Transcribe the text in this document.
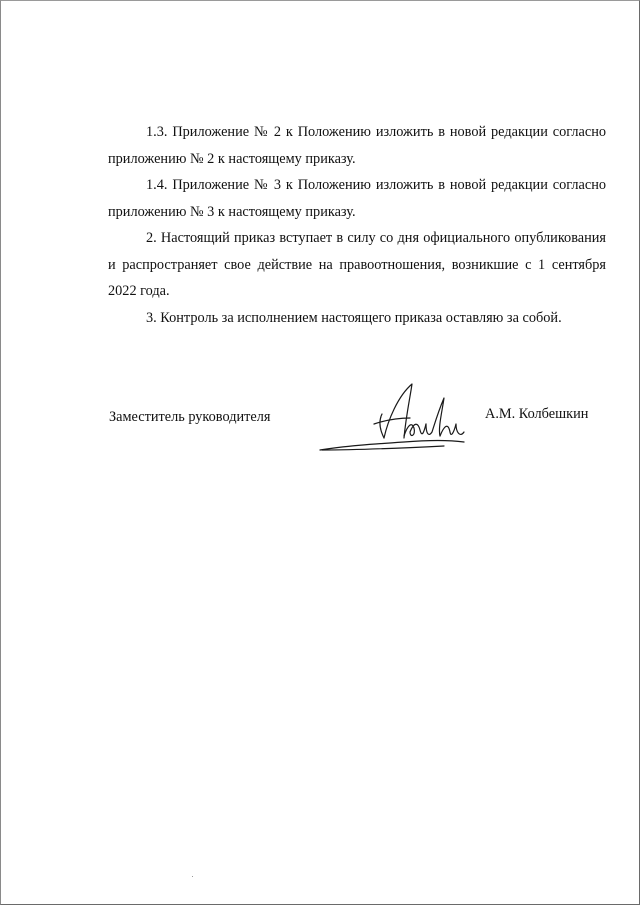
1.3. Приложение № 2 к Положению изложить в новой редакции согласно приложению № 2 к настоящему приказу.

1.4. Приложение № 3 к Положению изложить в новой редакции согласно приложению № 3 к настоящему приказу.

2. Настоящий приказ вступает в силу со дня официального опубликования и распространяет свое действие на правоотношения, возникшие с 1 сентября 2022 года.

3. Контроль за исполнением настоящего приказа оставляю за собой.

Заместитель руководителя	А.М. Колбешкин
